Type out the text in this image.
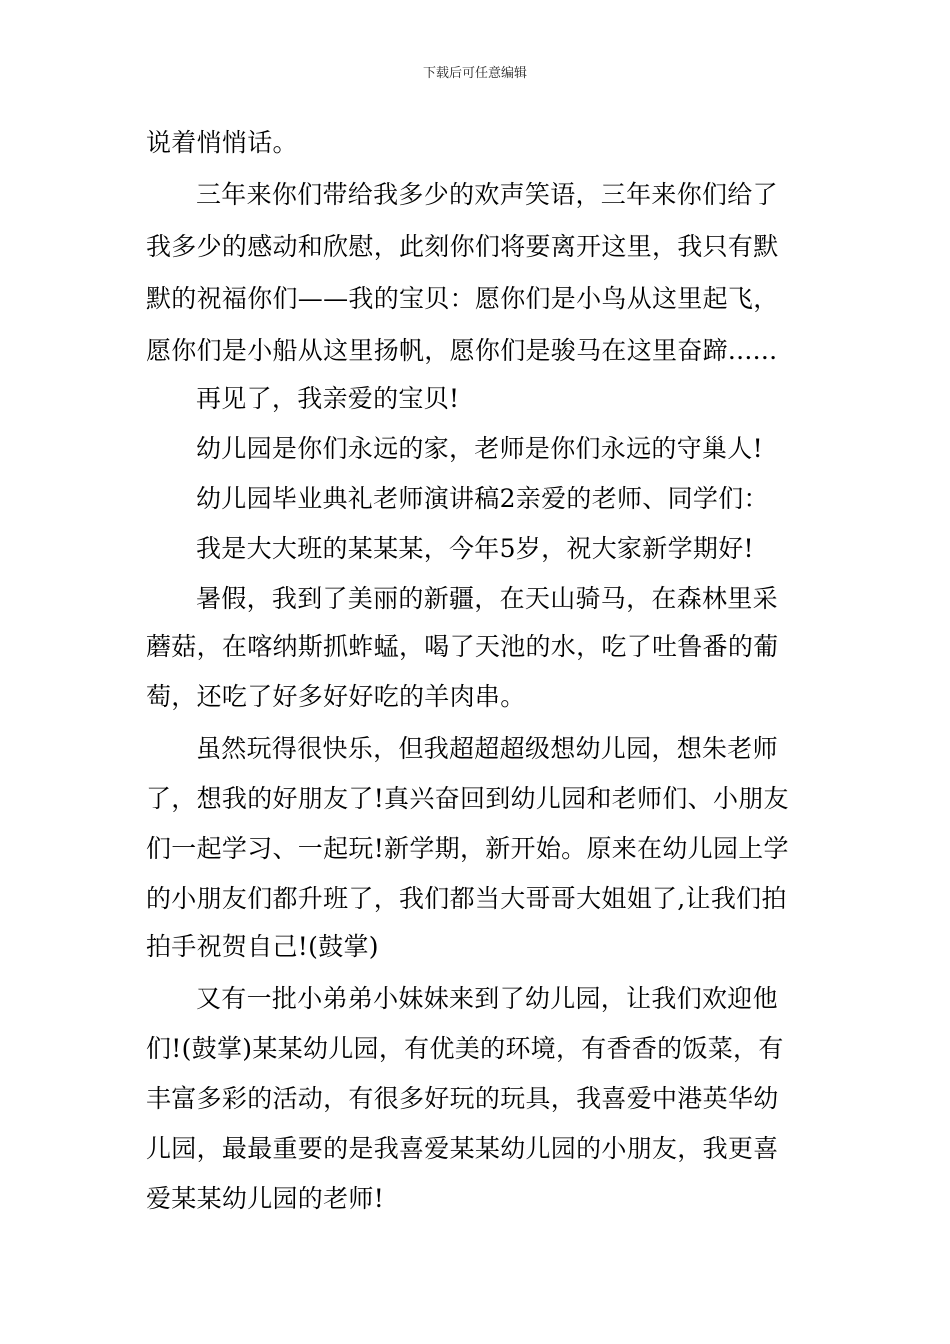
下载后可任意编辑
说着悄悄话。
三年来你们带给我多少的欢声笑语，三年来你们给了
我多少的感动和欣慰，此刻你们将要离开这里，我只有默
默的祝福你们——我的宝贝：愿你们是小鸟从这里起飞，
愿你们是小船从这里扬帆，愿你们是骏马在这里奋蹄......
再见了，我亲爱的宝贝!
幼儿园是你们永远的家，老师是你们永远的守巢人!
幼儿园毕业典礼老师演讲稿2亲爱的老师、同学们：
我是大大班的某某某，今年5岁，祝大家新学期好!
暑假，我到了美丽的新疆，在天山骑马，在森林里采
蘑菇，在喀纳斯抓蚱蜢，喝了天池的水，吃了吐鲁番的葡
萄，还吃了好多好好吃的羊肉串。
虽然玩得很快乐，但我超超超级想幼儿园，想朱老师
了，想我的好朋友了!真兴奋回到幼儿园和老师们、小朋友
们一起学习、一起玩!新学期，新开始。原来在幼儿园上学
的小朋友们都升班了，我们都当大哥哥大姐姐了,让我们拍
拍手祝贺自己!(鼓掌)
又有一批小弟弟小妹妹来到了幼儿园，让我们欢迎他
们!(鼓掌)某某幼儿园，有优美的环境，有香香的饭菜，有
丰富多彩的活动，有很多好玩的玩具，我喜爱中港英华幼
儿园，最最重要的是我喜爱某某幼儿园的小朋友，我更喜
爱某某幼儿园的老师!
